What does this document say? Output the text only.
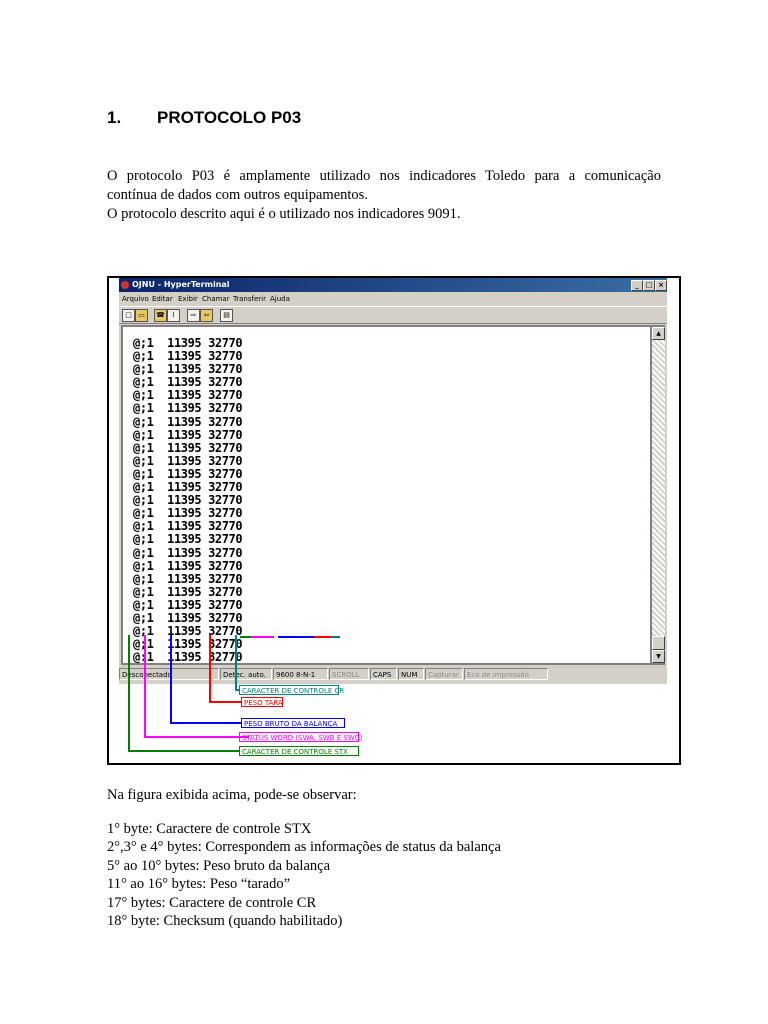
1. PROTOCOLO P03

O protocolo P03 é amplamente utilizado nos indicadores Toledo para a comunicação

contínua de dados com outros equipamentos.

O protocolo descrito aqui é o utilizado nos indicadores 9091.

OJNU - HyperTerminal	_ □ ×
Arquivo Editar Exibir Chamar Transferir Ajuda
□ ▭	☎ ⌇	⇨	⇦	▤
@;1  11395 32770
@;1  11395 32770
@;1  11395 32770
@;1  11395 32770
@;1  11395 32770
@;1  11395 32770
@;1  11395 32770
@;1  11395 32770
@;1  11395 32770
@;1  11395 32770
@;1  11395 32770
@;1  11395 32770
@;1  11395 32770
@;1  11395 32770
@;1  11395 32770
@;1  11395 32770
@;1  11395 32770
@;1  11395 32770
@;1  11395 32770
@;1  11395 32770
@;1  11395 32770
@;1  11395 32770
@;1  11395 32770
@;1  11395 32770
@:1  11395 32770
▲
▼
Desconectado	Detec. auto.	9600 8-N-1	SCROLL	CAPS	NUM	Capturar	Eco de impressão
CARACTER DE CONTROLE CR
PESO TARA
PESO BRUTO DA BALANÇA
STATUS WORD (SWA, SWB E SWC)
CARACTER DE CONTROLE STX
Na figura exibida acima, pode-se observar:
1° byte: Caractere de controle STX
2°,3° e 4° bytes: Correspondem as informações de status da balança
5° ao 10° bytes: Peso bruto da balança
11° ao 16° bytes: Peso “tarado”
17° bytes: Caractere de controle CR
18° byte: Checksum (quando habilitado)
